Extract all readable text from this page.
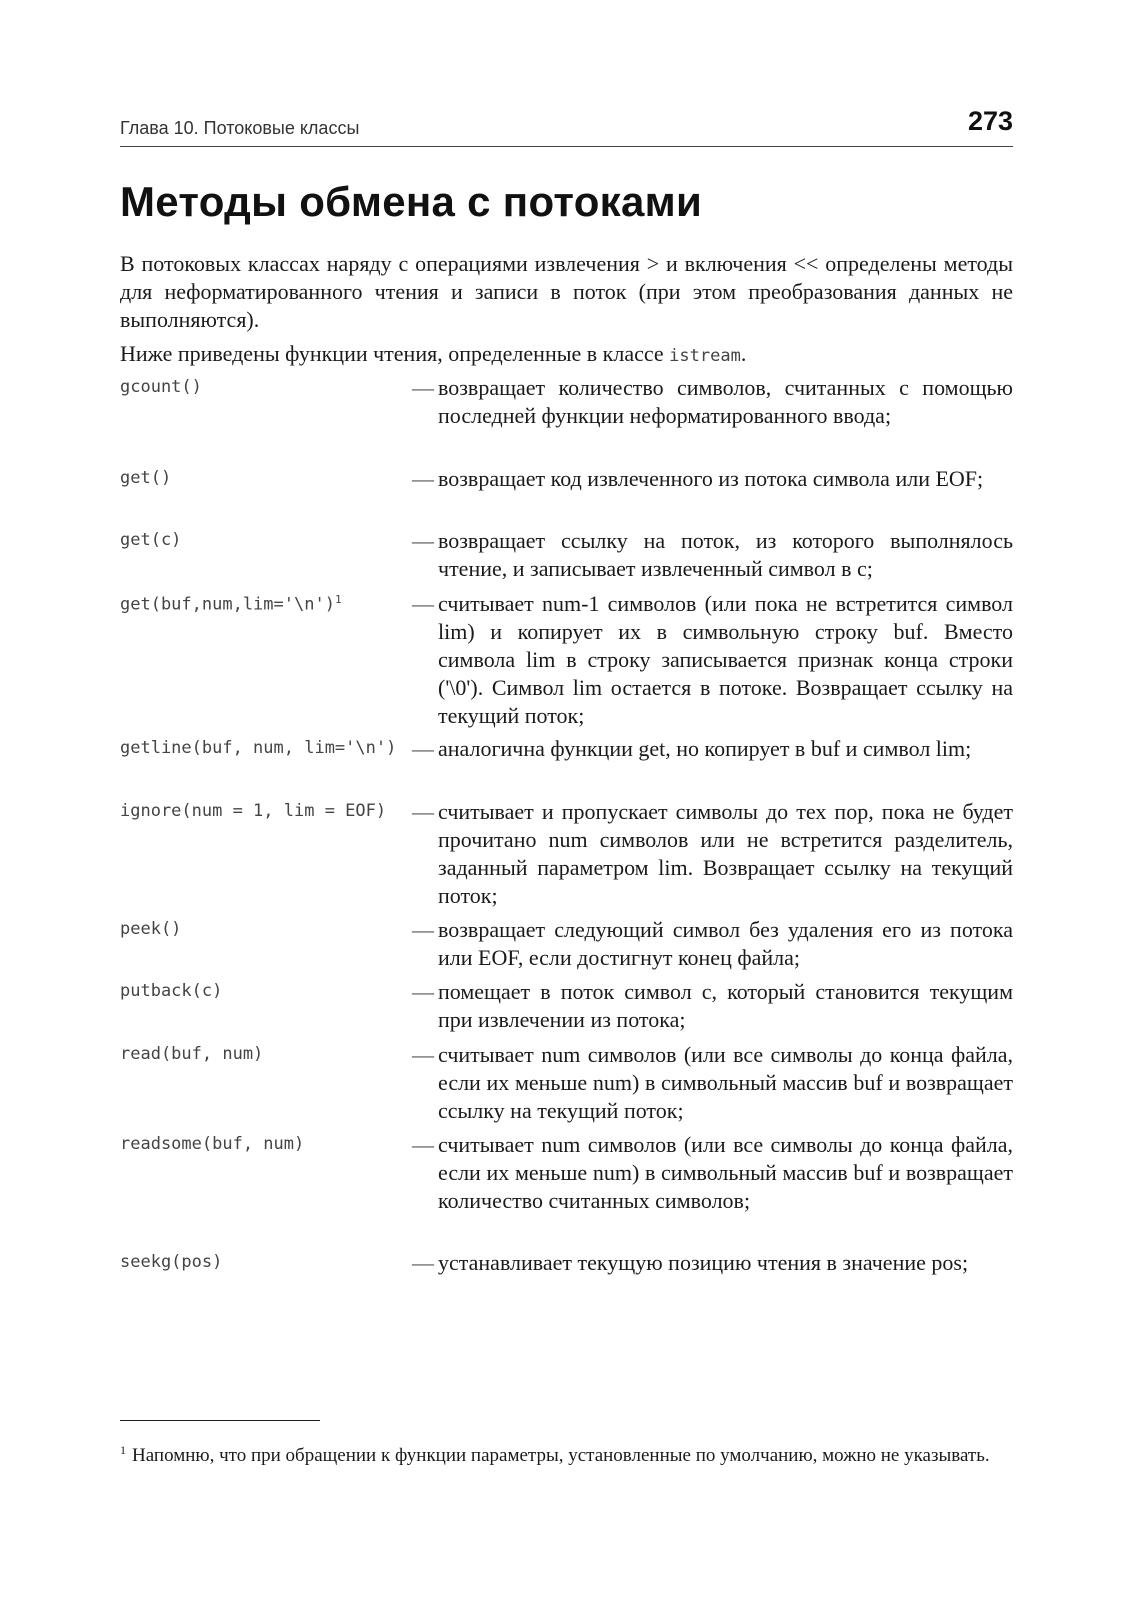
Глава 10. Потоковые классы	273
Методы обмена с потоками

В потоковых классах наряду с операциями извлечения > и включения << определены методы для неформатированного чтения и записи в поток (при этом преобразования данных не выполняются).

Ниже приведены функции чтения, определенные в классе istream.

gcount()	— возвращает количество символов, считанных с помощью последней функции неформатированного ввода;
get()	— возвращает код извлеченного из потока символа или EOF;
get(c)	— возвращает ссылку на поток, из которого выполнялось чтение, и записывает извлеченный символ в с;
get(buf,num,lim='\n')$^1$	— считывает num-1 символов (или пока не встретится символ lim) и копирует их в символьную строку buf. Вместо символа lim в строку записывается признак конца строки ('\0'). Символ lim остается в потоке. Возвращает ссылку на текущий поток;
getline(buf, num, lim='\n') — аналогична функции get, но копирует в buf и символ lim;
ignore(num = 1, lim = EOF) — считывает и пропускает символы до тех пор, пока не будет прочитано num символов или не встретится разделитель, заданный параметром lim. Возвращает ссылку на текущий поток;
peek()	— возвращает следующий символ без удаления его из потока или EOF, если достигнут конец файла;
putback(c)	— помещает в поток символ с, который становится текущим при извлечении из потока;
read(buf, num)	— считывает num символов (или все символы до конца файла, если их меньше num) в символьный массив buf и возвращает ссылку на текущий поток;
readsome(buf, num)	— считывает num символов (или все символы до конца файла, если их меньше num) в символьный массив buf и возвращает количество считанных символов;
seekg(pos)	— устанавливает текущую позицию чтения в значение pos;
$^1$ Напомню, что при обращении к функции параметры, установленные по умолчанию, можно не указывать.
